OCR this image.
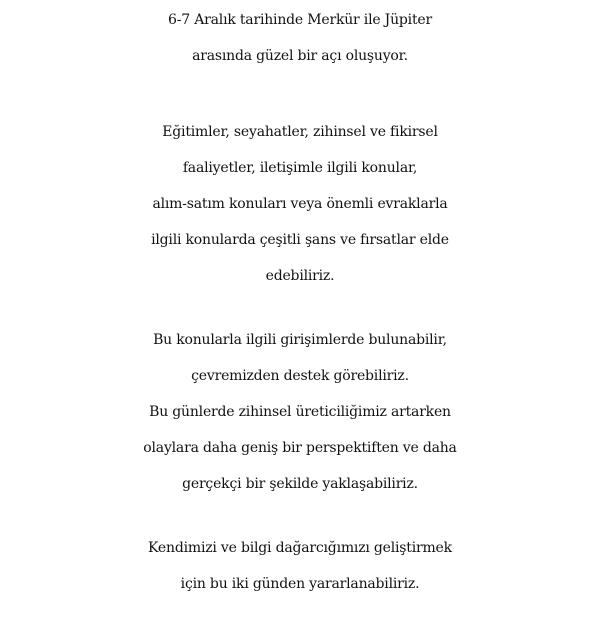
6-7 Aralık tarihinde Merkür ile Jüpiter
arasında güzel bir açı oluşuyor.

Eğitimler, seyahatler, zihinsel ve fikirsel
faaliyetler, iletişimle ilgili konular,
alım-satım konuları veya önemli evraklarla
ilgili konularda çeşitli şans ve fırsatlar elde
edebiliriz.

Bu konularla ilgili girişimlerde bulunabilir,
çevremizden destek görebiliriz.
Bu günlerde zihinsel üreticiliğimiz artarken
olaylara daha geniş bir perspektiften ve daha
gerçekçi bir şekilde yaklaşabiliriz.

Kendimizi ve bilgi dağarcığımızı geliştirmek
için bu iki günden yararlanabiliriz.
